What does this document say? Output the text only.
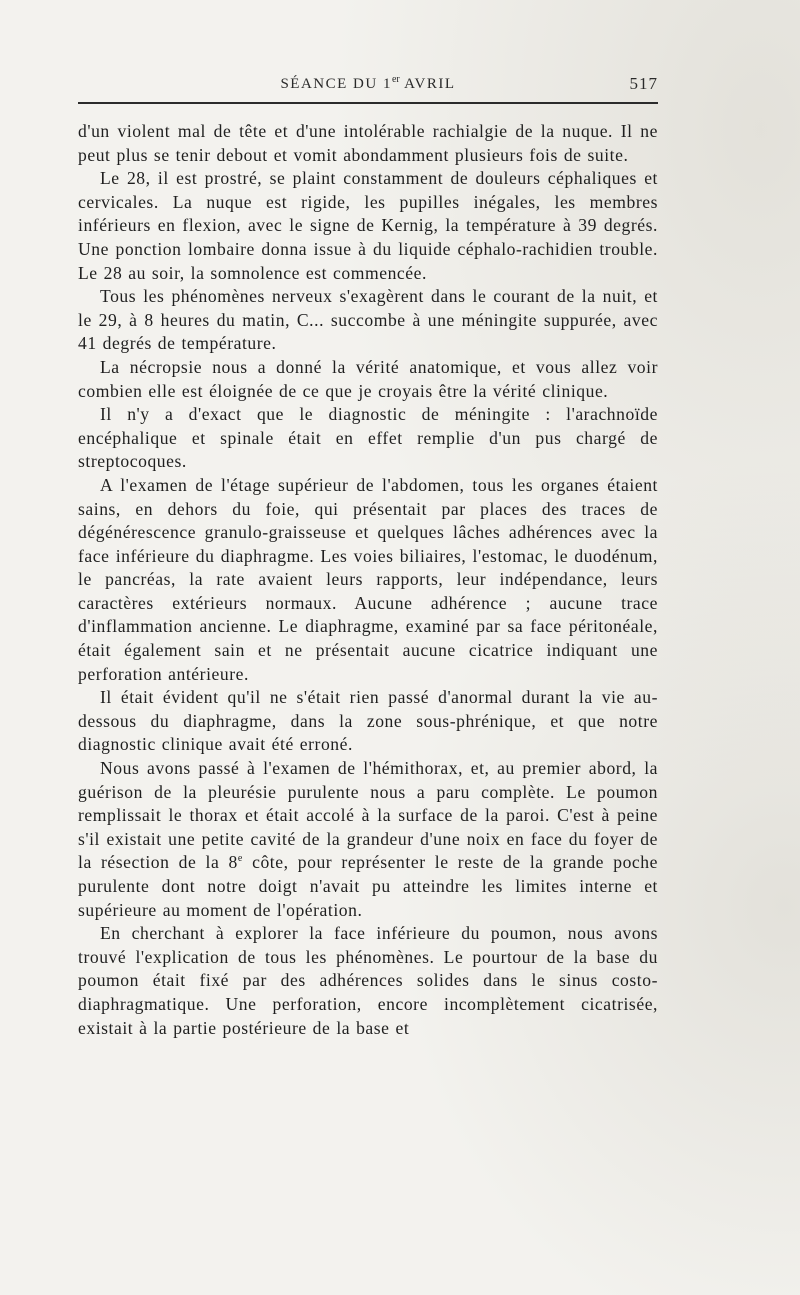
SÉANCE DU 1er AVRIL	517

d'un violent mal de tête et d'une intolérable rachialgie de la nuque. Il ne peut plus se tenir debout et vomit abondamment plusieurs fois de suite.

Le 28, il est prostré, se plaint constamment de douleurs céphaliques et cervicales. La nuque est rigide, les pupilles inégales, les membres inférieurs en flexion, avec le signe de Kernig, la température à 39 degrés. Une ponction lombaire donna issue à du liquide céphalo-rachidien trouble. Le 28 au soir, la somnolence est commencée.

Tous les phénomènes nerveux s'exagèrent dans le courant de la nuit, et le 29, à 8 heures du matin, C... succombe à une méningite suppurée, avec 41 degrés de température.

La nécropsie nous a donné la vérité anatomique, et vous allez voir combien elle est éloignée de ce que je croyais être la vérité clinique.

Il n'y a d'exact que le diagnostic de méningite : l'arachnoïde encéphalique et spinale était en effet remplie d'un pus chargé de streptocoques.

A l'examen de l'étage supérieur de l'abdomen, tous les organes étaient sains, en dehors du foie, qui présentait par places des traces de dégénérescence granulo-graisseuse et quelques lâches adhérences avec la face inférieure du diaphragme. Les voies biliaires, l'estomac, le duodénum, le pancréas, la rate avaient leurs rapports, leur indépendance, leurs caractères extérieurs normaux. Aucune adhérence ; aucune trace d'inflammation ancienne. Le diaphragme, examiné par sa face péritonéale, était également sain et ne présentait aucune cicatrice indiquant une perforation antérieure.

Il était évident qu'il ne s'était rien passé d'anormal durant la vie au-dessous du diaphragme, dans la zone sous-phrénique, et que notre diagnostic clinique avait été erroné.

Nous avons passé à l'examen de l'hémithorax, et, au premier abord, la guérison de la pleurésie purulente nous a paru complète. Le poumon remplissait le thorax et était accolé à la surface de la paroi. C'est à peine s'il existait une petite cavité de la grandeur d'une noix en face du foyer de la résection de la 8e côte, pour représenter le reste de la grande poche purulente dont notre doigt n'avait pu atteindre les limites interne et supérieure au moment de l'opération.

En cherchant à explorer la face inférieure du poumon, nous avons trouvé l'explication de tous les phénomènes. Le pourtour de la base du poumon était fixé par des adhérences solides dans le sinus costo-diaphragmatique. Une perforation, encore incomplètement cicatrisée, existait à la partie postérieure de la base et
